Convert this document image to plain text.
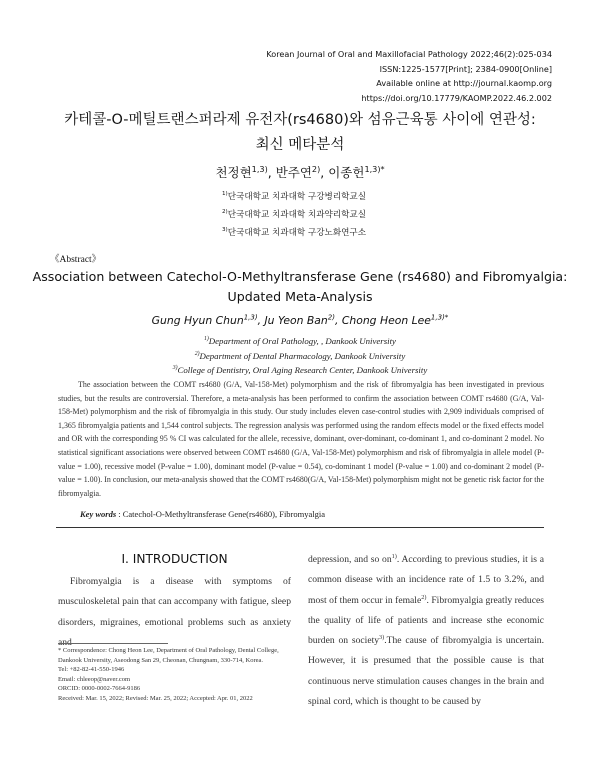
Korean Journal of Oral and Maxillofacial Pathology 2022;46(2):025-034
ISSN:1225-1577[Print]; 2384-0900[Online]
Available online at http://journal.kaomp.org
https://doi.org/10.17779/KAOMP.2022.46.2.002
카테콜-O-메틸트랜스퍼라제 유전자(rs4680)와 섬유근육통 사이에 연관성:
최신 메타분석
천정현$^{1,3)}$, 반주연$^{2)}$, 이종헌$^{1,3)*}$
$^{1)}$단국대학교 치과대학 구강병리학교실
$^{2)}$단국대학교 치과대학 치과약리학교실
$^{3)}$단국대학교 치과대학 구강노화연구소
《Abstract》
Association between Catechol-O-Methyltransferase Gene (rs4680) and Fibromyalgia:
Updated Meta-Analysis
Gung Hyun Chun$^{1,3)}$, Ju Yeon Ban$^{2)}$, Chong Heon Lee$^{1,3)*}$
$^{1)}$Department of Oral Pathology, , Dankook University
$^{2)}$Department of Dental Pharmacology, Dankook University
$^{3)}$College of Dentistry, Oral Aging Research Center, Dankook University

The association between the COMT rs4680 (G/A, Val-158-Met) polymorphism and the risk of fibromyalgia has been investigated in previous studies, but the results are controversial. Therefore, a meta-analysis has been performed to confirm the association between COMT rs4680 (G/A, Val-158-Met) polymorphism and the risk of fibromyalgia in this study. Our study includes eleven case-control studies with 2,909 individuals comprised of 1,365 fibromyalgia patients and 1,544 control subjects. The regression analysis was performed using the random effects model or the fixed effects model and OR with the corresponding 95 % CI was calculated for the allele, recessive, dominant, over-dominant, co-dominant 1, and co-dominant 2 model. No statistical significant associations were observed between COMT rs4680 (G/A, Val-158-Met) polymorphism and risk of fibromyalgia in allele model (P-value = 1.00), recessive model (P-value = 1.00), dominant model (P-value = 0.54), co-dominant 1 model (P-value = 1.00) and co-dominant 2 model (P-value = 1.00). In conclusion, our meta-analysis showed that the COMT rs4680(G/A, Val-158-Met) polymorphism might not be genetic risk factor for the fibromyalgia.

Key words : Catechol-O-Methyltransferase Gene(rs4680), Fibromyalgia
Ⅰ. INTRODUCTION

Fibromyalgia is a disease with symptoms of musculoskeletal pain that can accompany with fatigue, sleep disorders, migraines, emotional problems such as anxiety and

depression, and so $on^{1)}$. According to previous studies, it is a common disease with an incidence rate of 1.5 to 3.2%, and most of them occur in female$^{2)}$. Fibromyalgia greatly reduces the quality of life of patients and increase sthe economic burden on society$^{3)}$.The cause of fibromyalgia is uncertain. However, it is presumed that the possible cause is that continuous nerve stimulation causes changes in the brain and spinal cord, which is thought to be caused by

* Correspondence: Chong Heon Lee, Department of Oral Pathology, Dental College, Dankook University, Aseodong San 29, Cheonan, Chungnam, 330-714, Korea.
Tel: +82-82-41-550-1946
Email: chleeop@naver.com
ORCID: 0000-0002-7664-9186
Received: Mar. 15, 2022; Revised: Mar. 25, 2022; Accepted: Apr. 01, 2022
